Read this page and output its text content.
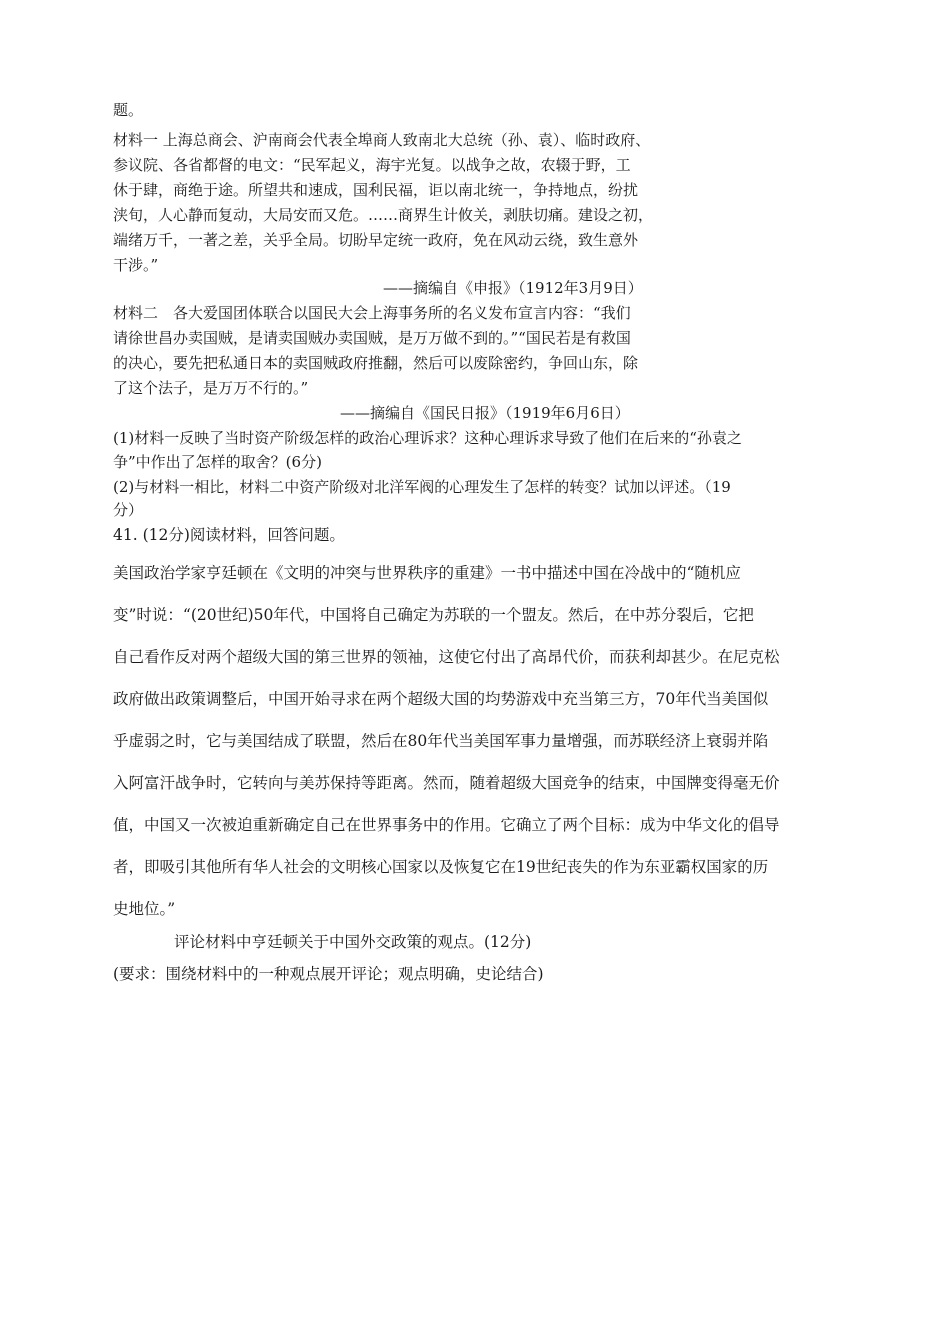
题。
材料一 上海总商会、沪南商会代表全埠商人致南北大总统（孙、袁）、临时政府、
参议院、各省都督的电文：“民军起义，海宇光复。以战争之故，农辍于野，工
休于肆，商绝于途。所望共和速成，国利民福，讵以南北统一，争持地点，纷扰
浃旬，人心静而复动，大局安而又危。……商界生计攸关，剥肤切痛。建设之初，
端绪万千，一著之差，关乎全局。切盼早定统一政府，免在风动云绕，致生意外
干涉。”
——摘编自《申报》（1912年3月9日）
材料二　各大爱国团体联合以国民大会上海事务所的名义发布宣言内容：“我们
请徐世昌办卖国贼，是请卖国贼办卖国贼，是万万做不到的。”“国民若是有救国
的决心，要先把私通日本的卖国贼政府推翻，然后可以废除密约，争回山东，除
了这个法子，是万万不行的。”
——摘编自《国民日报》（1919年6月6日）
(1)材料一反映了当时资产阶级怎样的政治心理诉求？这种心理诉求导致了他们在后来的“孙袁之
争”中作出了怎样的取舍？(6分)
(2)与材料一相比，材料二中资产阶级对北洋军阀的心理发生了怎样的转变？试加以评述。（19
分）
41. (12分)阅读材料，回答问题。
美国政治学家亨廷顿在《文明的冲突与世界秩序的重建》一书中描述中国在冷战中的“随机应
变”时说：“(20世纪)50年代，中国将自己确定为苏联的一个盟友。然后，在中苏分裂后，它把
自己看作反对两个超级大国的第三世界的领袖，这使它付出了高昂代价，而获利却甚少。在尼克松
政府做出政策调整后，中国开始寻求在两个超级大国的均势游戏中充当第三方，70年代当美国似
乎虚弱之时，它与美国结成了联盟，然后在80年代当美国军事力量增强，而苏联经济上衰弱并陷
入阿富汗战争时，它转向与美苏保持等距离。然而，随着超级大国竞争的结束，中国牌变得毫无价
值，中国又一次被迫重新确定自己在世界事务中的作用。它确立了两个目标：成为中华文化的倡导
者，即吸引其他所有华人社会的文明核心国家以及恢复它在19世纪丧失的作为东亚霸权国家的历
史地位。”
评论材料中亨廷顿关于中国外交政策的观点。(12分)
(要求：围绕材料中的一种观点展开评论；观点明确，史论结合)
